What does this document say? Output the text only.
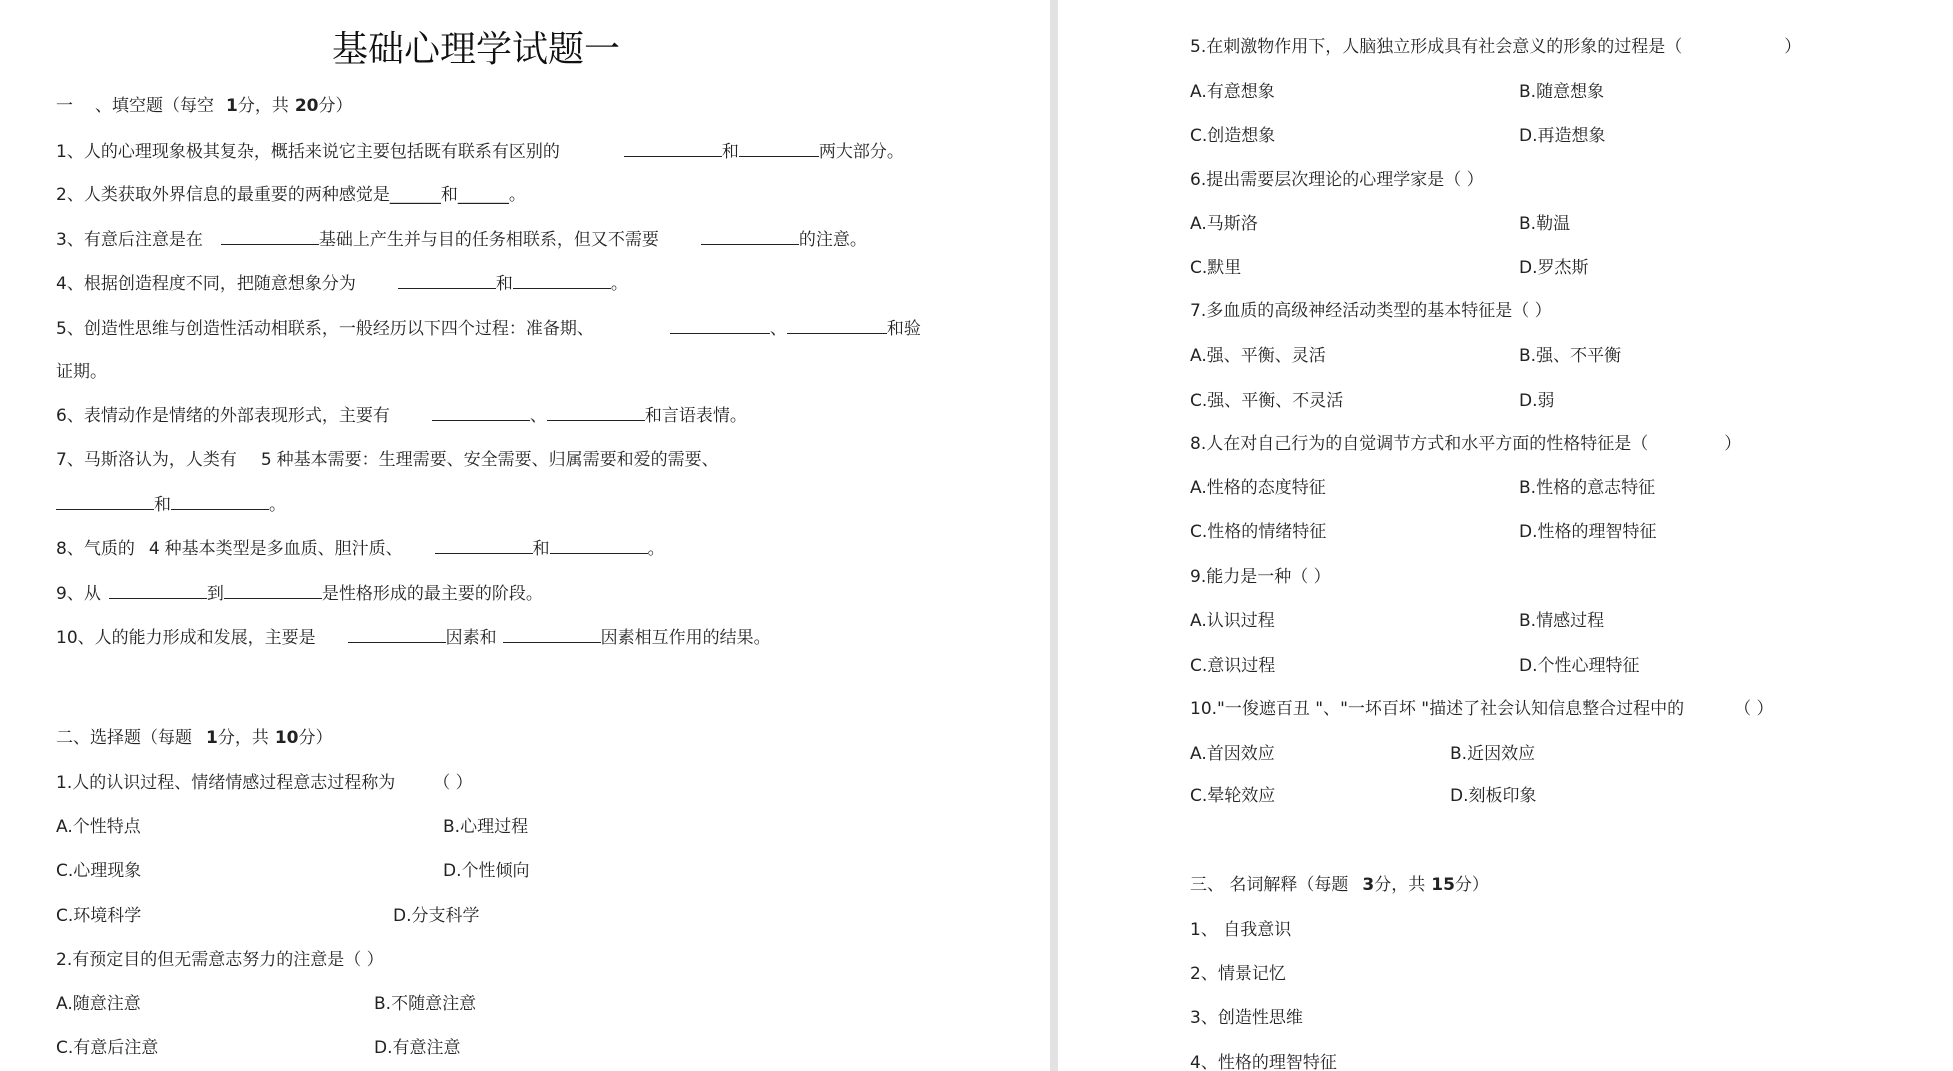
基础心理学试题一
一 、填空题（每空 1分，共 20分）
1、人的心理现象极其复杂，概括来说它主要包括既有联系有区别的	和	两大部分。
2、人类获取外界信息的最重要的两种感觉是______和______。
3、有意后注意是在	基础上产生并与目的任务相联系，但又不需要	的注意。
4、根据创造程度不同，把随意想象分为	和	。
5、创造性思维与创造性活动相联系，一般经历以下四个过程：准备期、	、	和验
证期。
6、表情动作是情绪的外部表现形式，主要有	、	和言语表情。
7、马斯洛认为，人类有 5 种基本需要：生理需要、安全需要、归属需要和爱的需要、
和	。
8、气质的 4 种基本类型是多血质、胆汁质、	和	。
9、从	到	是性格形成的最主要的阶段。
10、人的能力形成和发展，主要是	因素和	因素相互作用的结果。
二、选择题（每题 1分，共 10分）
1.人的认识过程、情绪情感过程意志过程称为 （ ）
A.个性特点	B.心理过程
C.心理现象	D.个性倾向
C.环境科学	D.分支科学
2.有预定目的但无需意志努力的注意是（ ）
A.随意注意	B.不随意注意
C.有意后注意	D.有意注意
5.在刺激物作用下，人脑独立形成具有社会意义的形象的过程是（	）
A.有意想象	B.随意想象
C.创造想象	D.再造想象
6.提出需要层次理论的心理学家是（ ）
A.马斯洛	B.勒温
C.默里	D.罗杰斯
7.多血质的高级神经活动类型的基本特征是（ ）
A.强、平衡、灵活	B.强、不平衡
C.强、平衡、不灵活	D.弱
8.人在对自己行为的自觉调节方式和水平方面的性格特征是（	）
A.性格的态度特征	B.性格的意志特征
C.性格的情绪特征	D.性格的理智特征
9.能力是一种（ ）
A.认识过程	B.情感过程
C.意识过程	D.个性心理特征
10."一俊遮百丑 "、"一坏百坏 "描述了社会认知信息整合过程中的	（ ）
A.首因效应	B.近因效应
C.晕轮效应	D.刻板印象
三、 名词解释（每题 3分，共 15分）
1、 自我意识
2、情景记忆
3、创造性思维
4、性格的理智特征
